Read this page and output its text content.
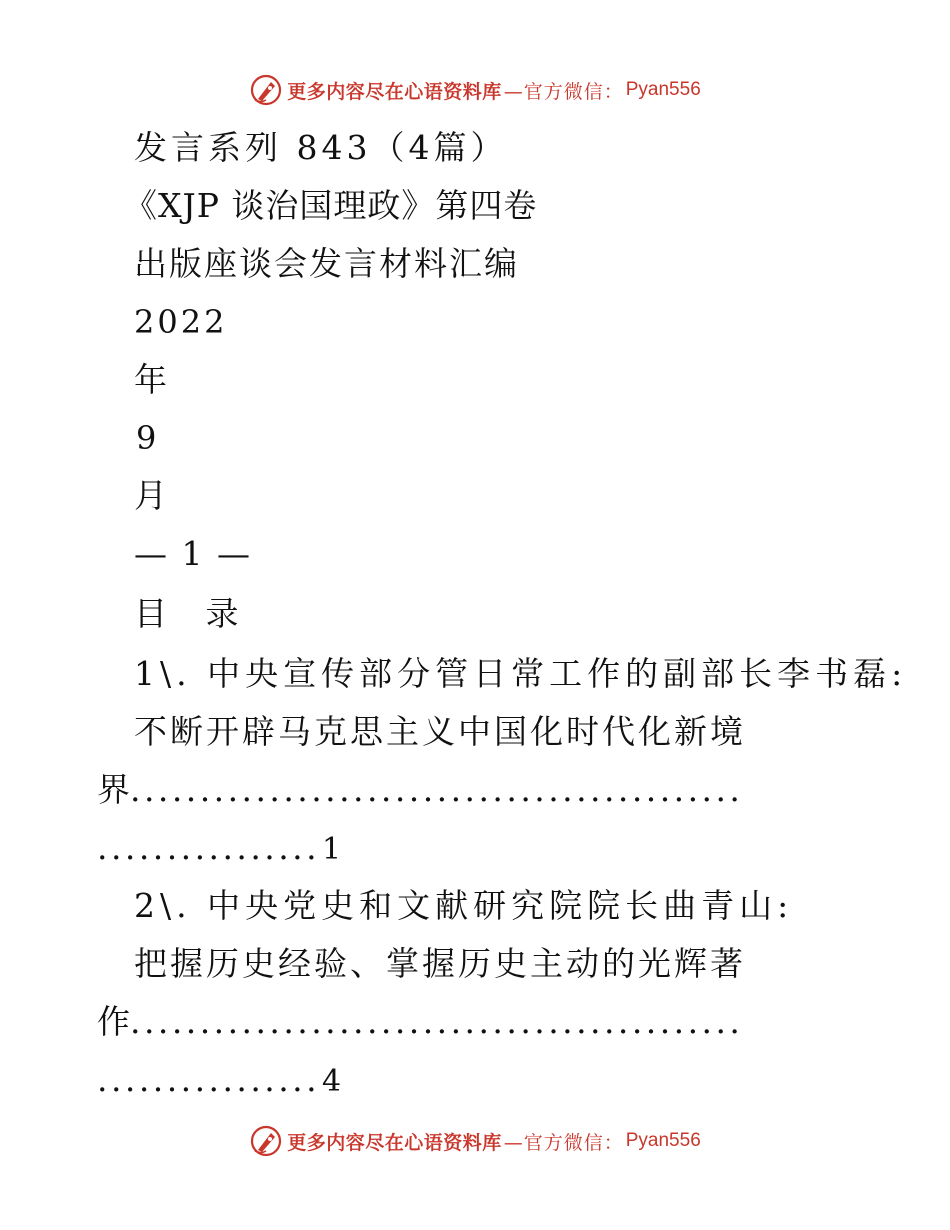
更多内容尽在心语资料库 —官方微信： Pyan556
发言系列 843（4篇）
《XJP 谈治国理政》第四卷
出版座谈会发言材料汇编
2022
年
9
月
— 1 —
目 录
1\. 中央宣传部分管日常工作的副部长李书磊:
不断开辟马克思主义中国化时代化新境
界............................................
................1
2\. 中央党史和文献研究院院长曲青山:
把握历史经验、掌握历史主动的光辉著
作............................................
................4
更多内容尽在心语资料库 —官方微信： Pyan556
